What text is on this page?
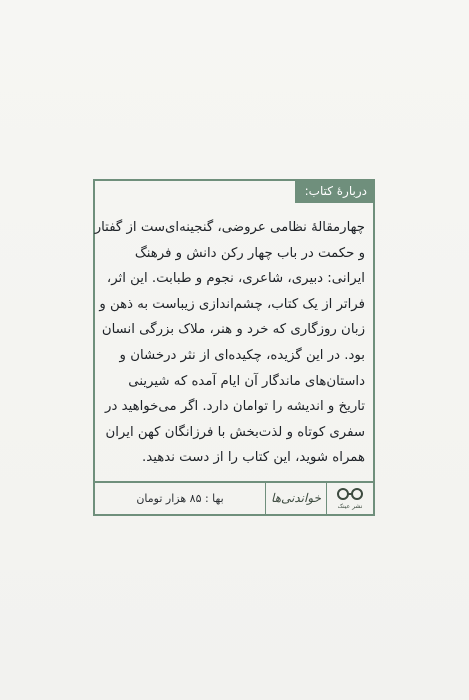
دربارهٔ کتاب:

چهارمقالهٔ نظامی عروضی، گنجینه‌ای‌ست از گفتار

و حکمت در باب چهار رکن دانش و فرهنگ

ایرانی: دبیری، شاعری، نجوم و طبابت. این اثر،

فراتر از یک کتاب، چشم‌اندازی زیباست به ذهن و

زبان روزگاری که خرد و هنر، ملاک بزرگی انسان

بود. در این گزیده، چکیده‌ای از نثر درخشان و

داستان‌های ماندگار آن ایام آمده که شیرینی

تاریخ و اندیشه را توامان دارد. اگر می‌خواهید در

سفری کوتاه و لذت‌بخش با فرزانگان کهن ایران

همراه شوید، این کتاب را از دست ندهید.

نشر عینک
خواندنی‌ها
بها : ۸۵ هزار تومان
